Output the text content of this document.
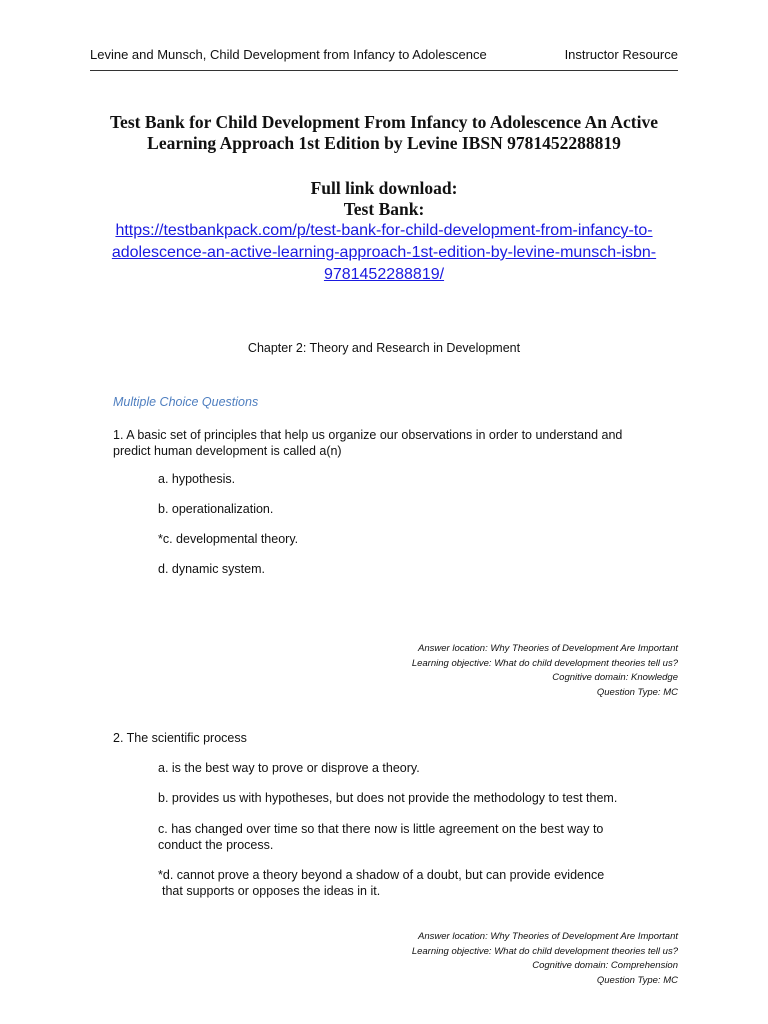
Levine and Munsch, Child Development from Infancy to Adolescence	Instructor Resource
Test Bank for Child Development From Infancy to Adolescence An Active
Learning Approach 1st Edition by Levine IBSN 9781452288819
Full link download:
Test Bank:
https://testbankpack.com/p/test-bank-for-child-development-from-infancy-to-
adolescence-an-active-learning-approach-1st-edition-by-levine-munsch-isbn-
9781452288819/
Chapter 2: Theory and Research in Development
Multiple Choice Questions
1. A basic set of principles that help us organize our observations in order to understand and
predict human development is called a(n)
a. hypothesis.
b. operationalization.
*c. developmental theory.
d. dynamic system.
Answer location: Why Theories of Development Are Important
Learning objective: What do child development theories tell us?
Cognitive domain: Knowledge
Question Type: MC
2. The scientific process
a. is the best way to prove or disprove a theory.
b. provides us with hypotheses, but does not provide the methodology to test them.
c. has changed over time so that there now is little agreement on the best way to
conduct the process.
*d. cannot prove a theory beyond a shadow of a doubt, but can provide evidence
that supports or opposes the ideas in it.
Answer location: Why Theories of Development Are Important
Learning objective: What do child development theories tell us?
Cognitive domain: Comprehension
Question Type: MC
